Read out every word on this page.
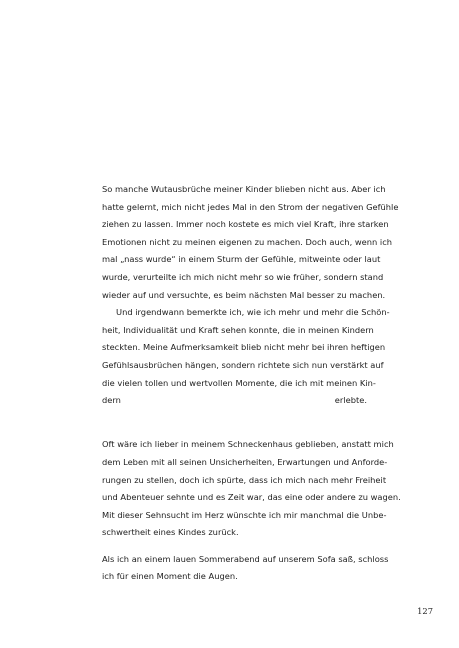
So manche Wutausbrüche meiner Kinder blieben nicht aus. Aber ich
hatte gelernt, mich nicht jedes Mal in den Strom der negativen Gefühle
ziehen zu lassen. Immer noch kostete es mich viel Kraft, ihre starken
Emotionen nicht zu meinen eigenen zu machen. Doch auch, wenn ich
mal „nass wurde“ in einem Sturm der Gefühle, mitweinte oder laut
wurde, verurteilte ich mich nicht mehr so wie früher, sondern stand
wieder auf und versuchte, es beim nächsten Mal besser zu machen.
Und irgendwann bemerkte ich, wie ich mehr und mehr die Schön-
heit, Individualität und Kraft sehen konnte, die in meinen Kindern
steckten. Meine Aufmerksamkeit blieb nicht mehr bei ihren heftigen
Gefühlsausbrüchen hängen, sondern richtete sich nun verstärkt auf
die vielen tollen und wertvollen Momente, die ich mit meinen Kin-
dern erlebte.
Oft wäre ich lieber in meinem Schneckenhaus geblieben, anstatt mich
dem Leben mit all seinen Unsicherheiten, Erwartungen und Anforde-
rungen zu stellen, doch ich spürte, dass ich mich nach mehr Freiheit
und Abenteuer sehnte und es Zeit war, das eine oder andere zu wagen.
Mit dieser Sehnsucht im Herz wünschte ich mir manchmal die Unbe-
schwertheit eines Kindes zurück.
Als ich an einem lauen Sommerabend auf unserem Sofa saß, schloss
ich für einen Moment die Augen.
127
